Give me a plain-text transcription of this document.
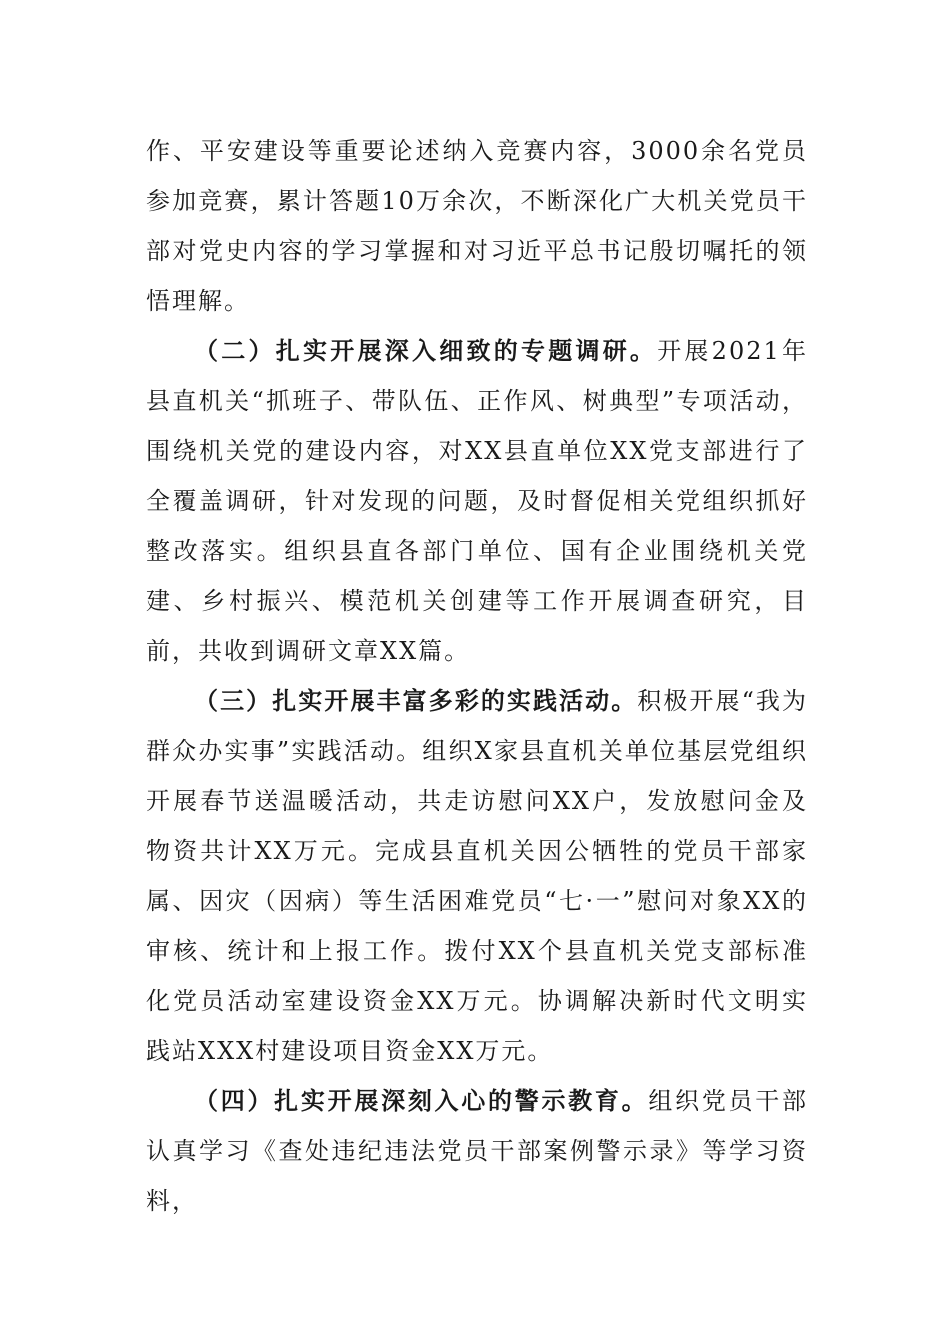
作、平安建设等重要论述纳入竞赛内容，3000余名党员参加竞赛，累计答题10万余次，不断深化广大机关党员干部对党史内容的学习掌握和对习近平总书记殷切嘱托的领悟理解。

（二）扎实开展深入细致的专题调研。开展2021年县直机关“抓班子、带队伍、正作风、树典型”专项活动，围绕机关党的建设内容，对XX县直单位XX党支部进行了全覆盖调研，针对发现的问题，及时督促相关党组织抓好整改落实。组织县直各部门单位、国有企业围绕机关党建、乡村振兴、模范机关创建等工作开展调查研究，目前，共收到调研文章XX篇。

（三）扎实开展丰富多彩的实践活动。积极开展“我为群众办实事”实践活动。组织X家县直机关单位基层党组织开展春节送温暖活动，共走访慰问XX户，发放慰问金及物资共计XX万元。完成县直机关因公牺牲的党员干部家属、因灾（因病）等生活困难党员“七·一”慰问对象XX的审核、统计和上报工作。拨付XX个县直机关党支部标准化党员活动室建设资金XX万元。协调解决新时代文明实践站XXX村建设项目资金XX万元。

（四）扎实开展深刻入心的警示教育。组织党员干部认真学习《查处违纪违法党员干部案例警示录》等学习资料，
